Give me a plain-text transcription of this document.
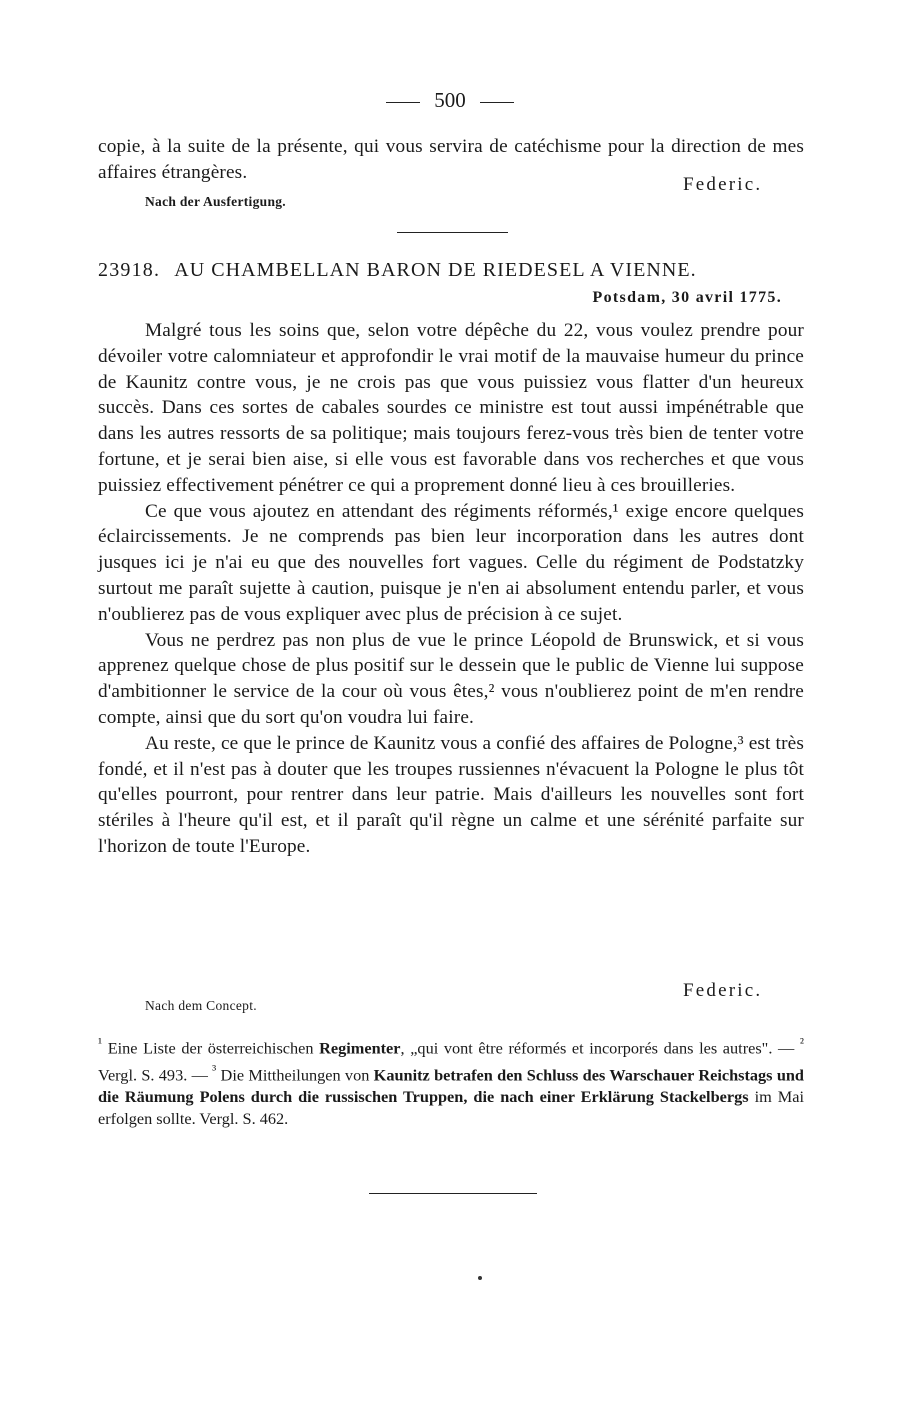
500

copie, à la suite de la présente, qui vous servira de catéchisme pour la direction de mes affaires étrangères.

Federic.
Nach der Ausfertigung.
23918. AU CHAMBELLAN BARON DE RIEDESEL A VIENNE.
Potsdam, 30 avril 1775.

Malgré tous les soins que, selon votre dépêche du 22, vous voulez prendre pour dévoiler votre calomniateur et approfondir le vrai motif de la mauvaise humeur du prince de Kaunitz contre vous, je ne crois pas que vous puissiez vous flatter d'un heureux succès. Dans ces sortes de cabales sourdes ce ministre est tout aussi impénétrable que dans les autres ressorts de sa politique; mais toujours ferez-vous très bien de tenter votre fortune, et je serai bien aise, si elle vous est favorable dans vos recherches et que vous puissiez effectivement pénétrer ce qui a proprement donné lieu à ces brouilleries.

Ce que vous ajoutez en attendant des régiments réformés,¹ exige encore quelques éclaircissements. Je ne comprends pas bien leur incorporation dans les autres dont jusques ici je n'ai eu que des nouvelles fort vagues. Celle du régiment de Podstatzky surtout me paraît sujette à caution, puisque je n'en ai absolument entendu parler, et vous n'oublierez pas de vous expliquer avec plus de précision à ce sujet.

Vous ne perdrez pas non plus de vue le prince Léopold de Brunswick, et si vous apprenez quelque chose de plus positif sur le dessein que le public de Vienne lui suppose d'ambitionner le service de la cour où vous êtes,² vous n'oublierez point de m'en rendre compte, ainsi que du sort qu'on voudra lui faire.

Au reste, ce que le prince de Kaunitz vous a confié des affaires de Pologne,³ est très fondé, et il n'est pas à douter que les troupes russiennes n'évacuent la Pologne le plus tôt qu'elles pourront, pour rentrer dans leur patrie. Mais d'ailleurs les nouvelles sont fort stériles à l'heure qu'il est, et il paraît qu'il règne un calme et une sérénité parfaite sur l'horizon de toute l'Europe.

Federic.
Nach dem Concept.

$^{^1}$ Eine Liste der österreichischen Regimenter, „qui vont être réformés et incorporés dans les autres". — $^{^2}$ Vergl. S. 493. — $^{^3}$ Die Mittheilungen von Kaunitz betrafen den Schluss des Warschauer Reichstags und die Räumung Polens durch die russischen Truppen, die nach einer Erklärung Stackelbergs im Mai erfolgen sollte. Vergl. S. 462.
